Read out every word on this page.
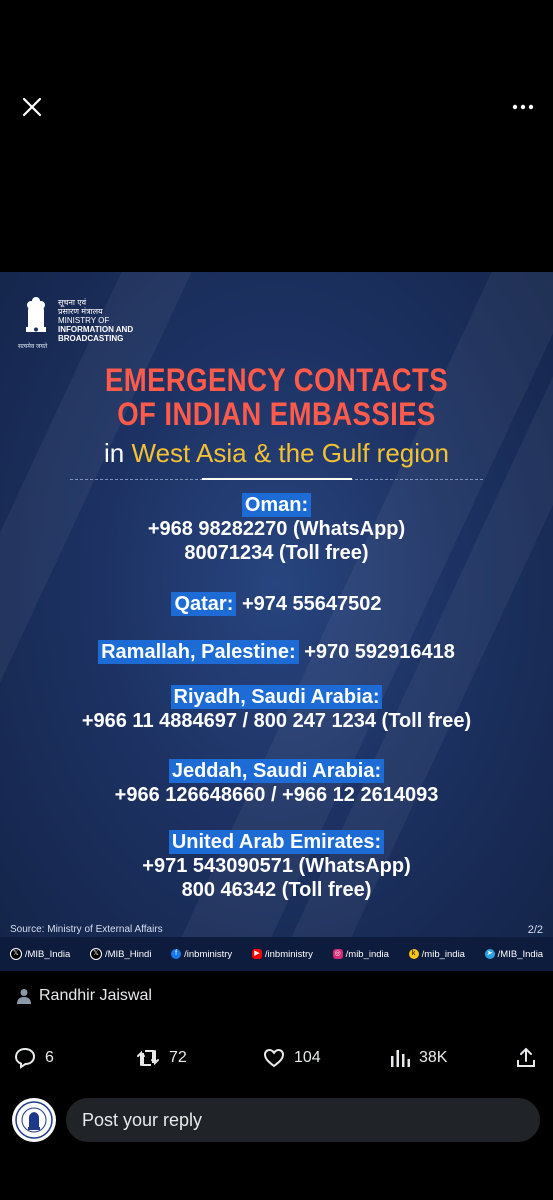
सूचना एवं
प्रसारण मंत्रालय
MINISTRY OF
INFORMATION AND
BROADCASTING
सत्यमेव जयते
EMERGENCY CONTACTS
OF INDIAN EMBASSIES
in West Asia & the Gulf region
Oman:
+968 98282270 (WhatsApp)
80071234 (Toll free)
Qatar: +974 55647502
Ramallah, Palestine: +970 592916418
Riyadh, Saudi Arabia:
+966 11 4884697 / 800 247 1234 (Toll free)
Jeddah, Saudi Arabia:
+966 126648660 / +966 12 2614093
United Arab Emirates:
+971 543090571 (WhatsApp)
800 46342 (Toll free)
Source: Ministry of External Affairs	2/2
𝕏 /MIB_India	𝕏 /MIB_Hindi	f /inbministry	▶ /inbministry	◎ /mib_india	k /mib_india	➤ /MIB_India
Randhir Jaiswal
6	72	104	38K
Post your reply
